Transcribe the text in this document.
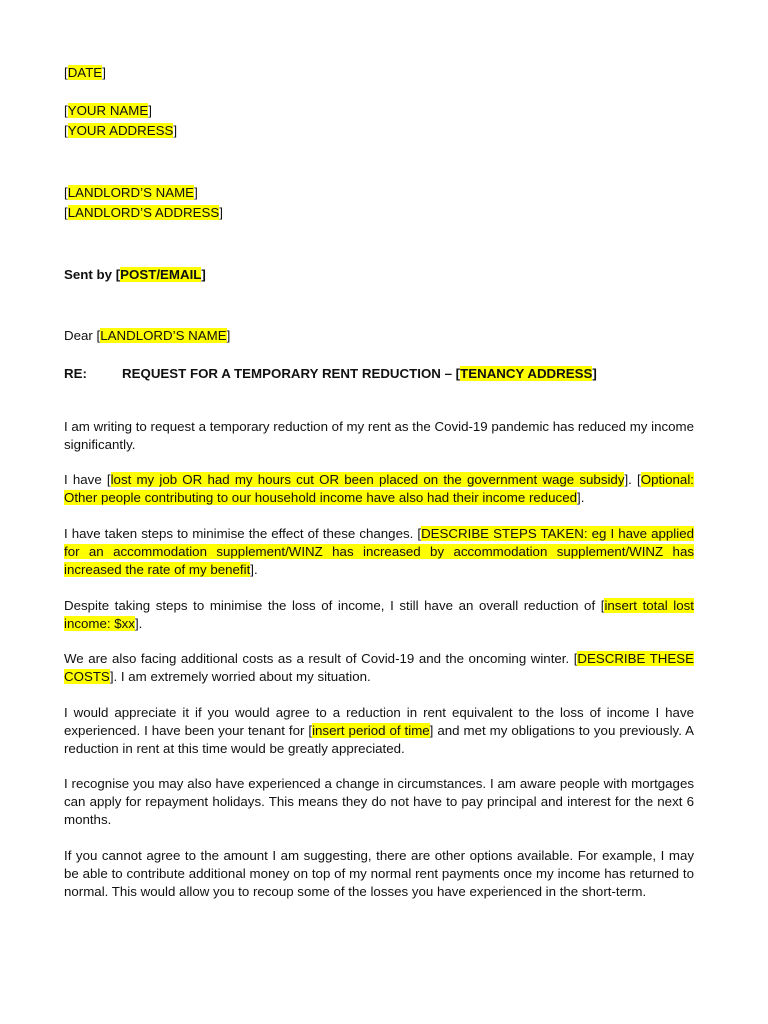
[DATE]
[YOUR NAME]
[YOUR ADDRESS]
[LANDLORD’S NAME]
[LANDLORD’S ADDRESS]
Sent by [POST/EMAIL]
Dear [LANDLORD’S NAME]
RE:	REQUEST FOR A TEMPORARY RENT REDUCTION – [TENANCY ADDRESS]
I am writing to request a temporary reduction of my rent as the Covid-19 pandemic has reduced my income significantly.
I have [lost my job OR had my hours cut OR been placed on the government wage subsidy]. [Optional: Other people contributing to our household income have also had their income reduced].
I have taken steps to minimise the effect of these changes. [DESCRIBE STEPS TAKEN: eg I have applied for an accommodation supplement/WINZ has increased by accommodation supplement/WINZ has increased the rate of my benefit].
Despite taking steps to minimise the loss of income, I still have an overall reduction of [insert total lost income: $xx].
We are also facing additional costs as a result of Covid-19 and the oncoming winter. [DESCRIBE THESE COSTS]. I am extremely worried about my situation.
I would appreciate it if you would agree to a reduction in rent equivalent to the loss of income I have experienced. I have been your tenant for [insert period of time] and met my obligations to you previously. A reduction in rent at this time would be greatly appreciated.
I recognise you may also have experienced a change in circumstances. I am aware people with mortgages can apply for repayment holidays. This means they do not have to pay principal and interest for the next 6 months.
If you cannot agree to the amount I am suggesting, there are other options available. For example, I may be able to contribute additional money on top of my normal rent payments once my income has returned to normal. This would allow you to recoup some of the losses you have experienced in the short-term.
